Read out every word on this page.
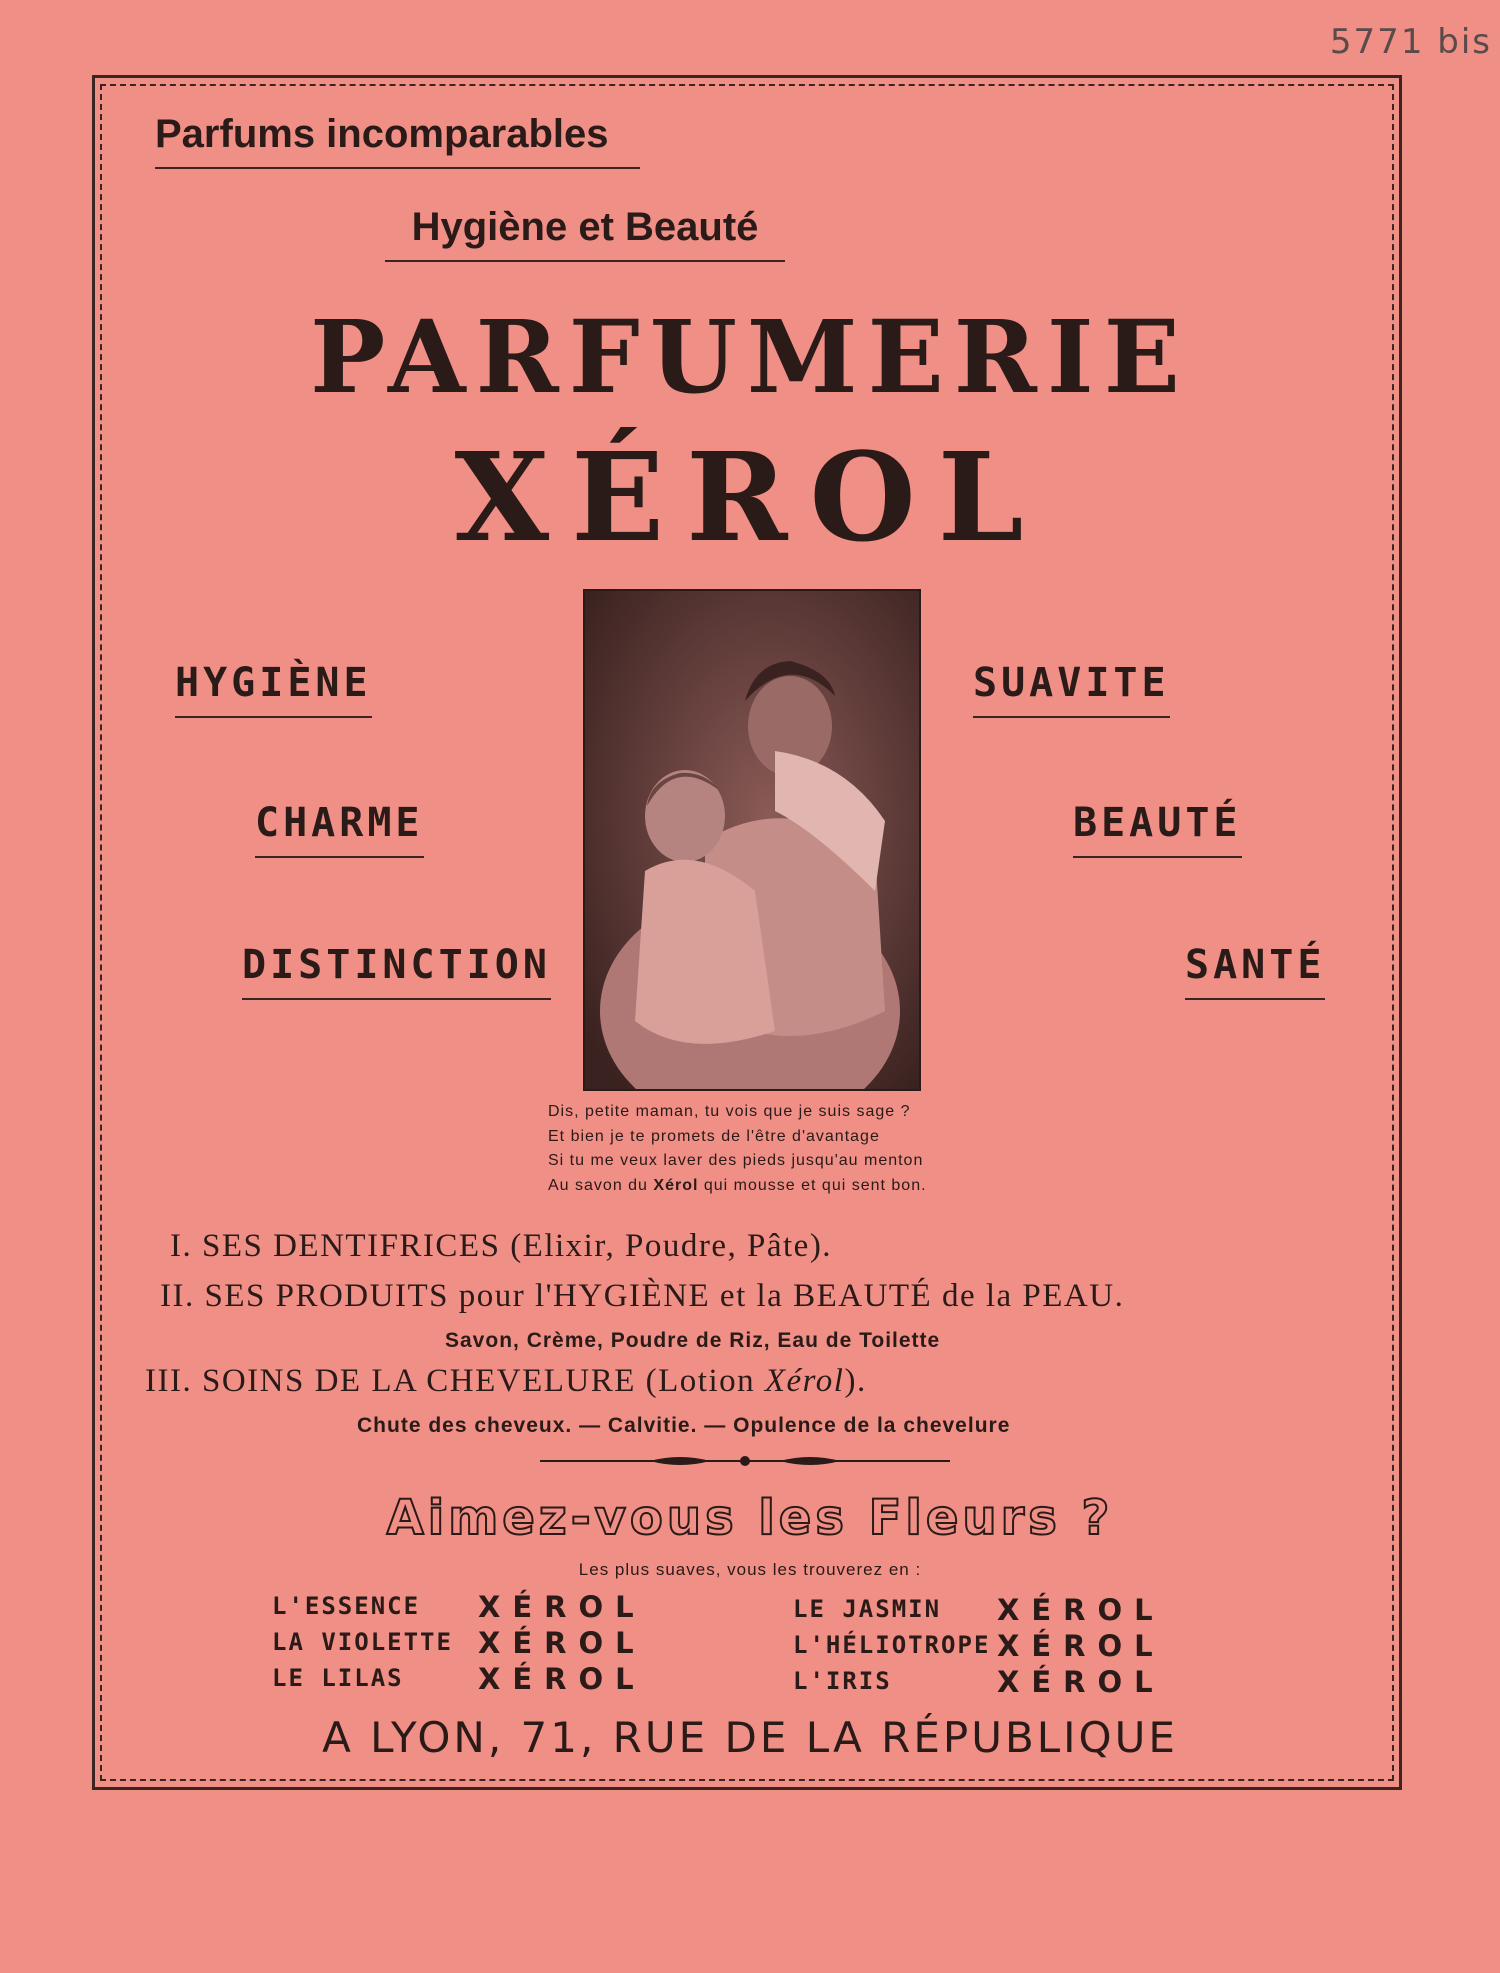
5771 bis
Parfums incomparables
Hygiène et Beauté
PARFUMERIE
XÉROL
HYGIÈNE
CHARME
DISTINCTION
SUAVITE
BEAUTÉ
SANTÉ
Dis, petite maman, tu vois que je suis sage ?
Et bien je te promets de l'être d'avantage
Si tu me veux laver des pieds jusqu'au menton
Au savon du Xérol qui mousse et qui sent bon.
I. SES DENTIFRICES (Elixir, Poudre, Pâte).
II. SES PRODUITS pour l'HYGIÈNE et la BEAUTÉ de la PEAU.
Savon, Crème, Poudre de Riz, Eau de Toilette
III. SOINS DE LA CHEVELURE (Lotion Xérol).
Chute des cheveux. — Calvitie. — Opulence de la chevelure
Aimez-vous les Fleurs ?
Les plus suaves, vous les trouverez en :
L'ESSENCE XÉROL
LA VIOLETTE XÉROL
LE LILAS	XÉROL
LE JASMIN XÉROL
L'HÉLIOTROPE XÉROL
L'IRIS	XÉROL
A LYON, 71, RUE DE LA RÉPUBLIQUE
